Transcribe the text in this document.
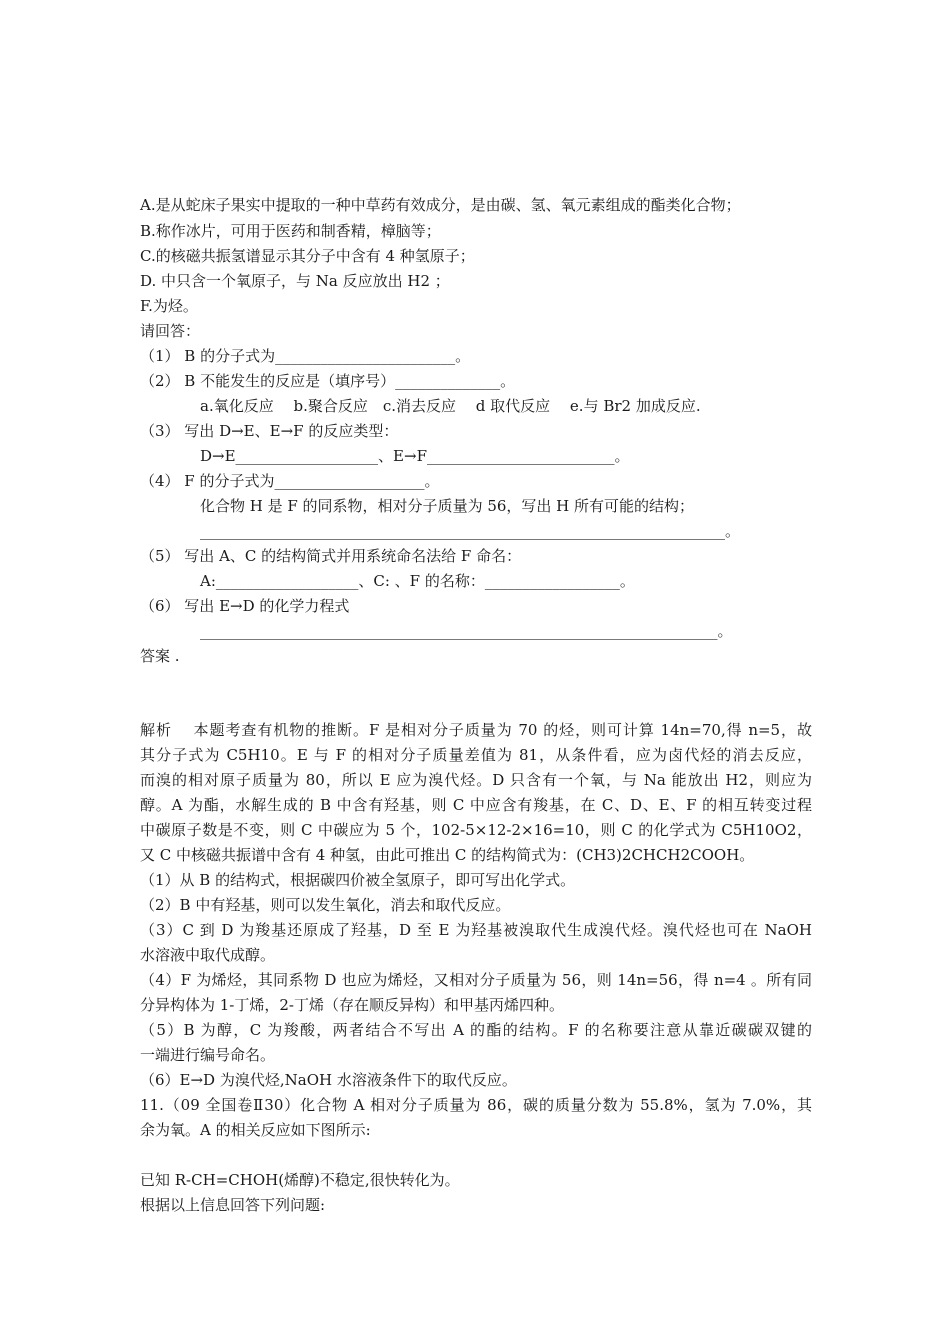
A.是从蛇床子果实中提取的一种中草药有效成分，是由碳、氢、氧元素组成的酯类化合物；
B.称作冰片，可用于医药和制香精，樟脑等；
C.的核磁共振氢谱显示其分子中含有 4 种氢原子；
D. 中只含一个氧原子，与 Na 反应放出 H2 ；
F.为烃。
请回答：
（1） B 的分子式为________________________。
（2） B 不能发生的反应是（填序号）______________。
a.氧化反应　 b.聚合反应　c.消去反应　 d 取代反应　 e.与 Br2 加成反应.
（3） 写出 D→E、E→F 的反应类型：
D→E___________________、E→F_________________________。
（4） F 的分子式为____________________。
化合物 H 是 F 的同系物，相对分子质量为 56，写出 H 所有可能的结构；
______________________________________________________________________。
（5） 写出 A、C 的结构简式并用系统命名法给 F 命名：
A:___________________、C: 、F 的名称：__________________。
（6） 写出 E→D 的化学力程式
_____________________________________________________________________。
答案 .
解析　 本题考查有机物的推断。F 是相对分子质量为 70 的烃，则可计算 14n=70,得 n=5，故
其分子式为 C5H10。E 与 F 的相对分子质量差值为 81，从条件看，应为卤代烃的消去反应，
而溴的相对原子质量为 80，所以 E 应为溴代烃。D 只含有一个氧，与 Na 能放出 H2，则应为
醇。A 为酯，水解生成的 B 中含有羟基，则 C 中应含有羧基，在 C、D、E、F 的相互转变过程
中碳原子数是不变，则 C 中碳应为 5 个，102-5×12-2×16=10，则 C 的化学式为 C5H10O2，
又 C 中核磁共振谱中含有 4 种氢，由此可推出 C 的结构简式为：(CH3)2CHCH2COOH。
（1）从 B 的结构式，根据碳四价被全氢原子，即可写出化学式。
（2）B 中有羟基，则可以发生氧化，消去和取代反应。
（3）C 到 D 为羧基还原成了羟基，D 至 E 为羟基被溴取代生成溴代烃。溴代烃也可在 NaOH
水溶液中取代成醇。
（4）F 为烯烃，其同系物 D 也应为烯烃，又相对分子质量为 56，则 14n=56，得 n=4 。所有同
分异构体为 1-丁烯，2-丁烯（存在顺反异构）和甲基丙烯四种。
（5）B 为醇，C 为羧酸，两者结合不写出 A 的酯的结构。F 的名称要注意从靠近碳碳双键的
一端进行编号命名。
（6）E→D 为溴代烃,NaOH 水溶液条件下的取代反应。
11.（09 全国卷Ⅱ30）化合物 A 相对分子质量为 86，碳的质量分数为 55.8%，氢为 7.0%，其
余为氧。A 的相关反应如下图所示:
已知 R-CH=CHOH(烯醇)不稳定,很快转化为。
根据以上信息回答下列问题:
